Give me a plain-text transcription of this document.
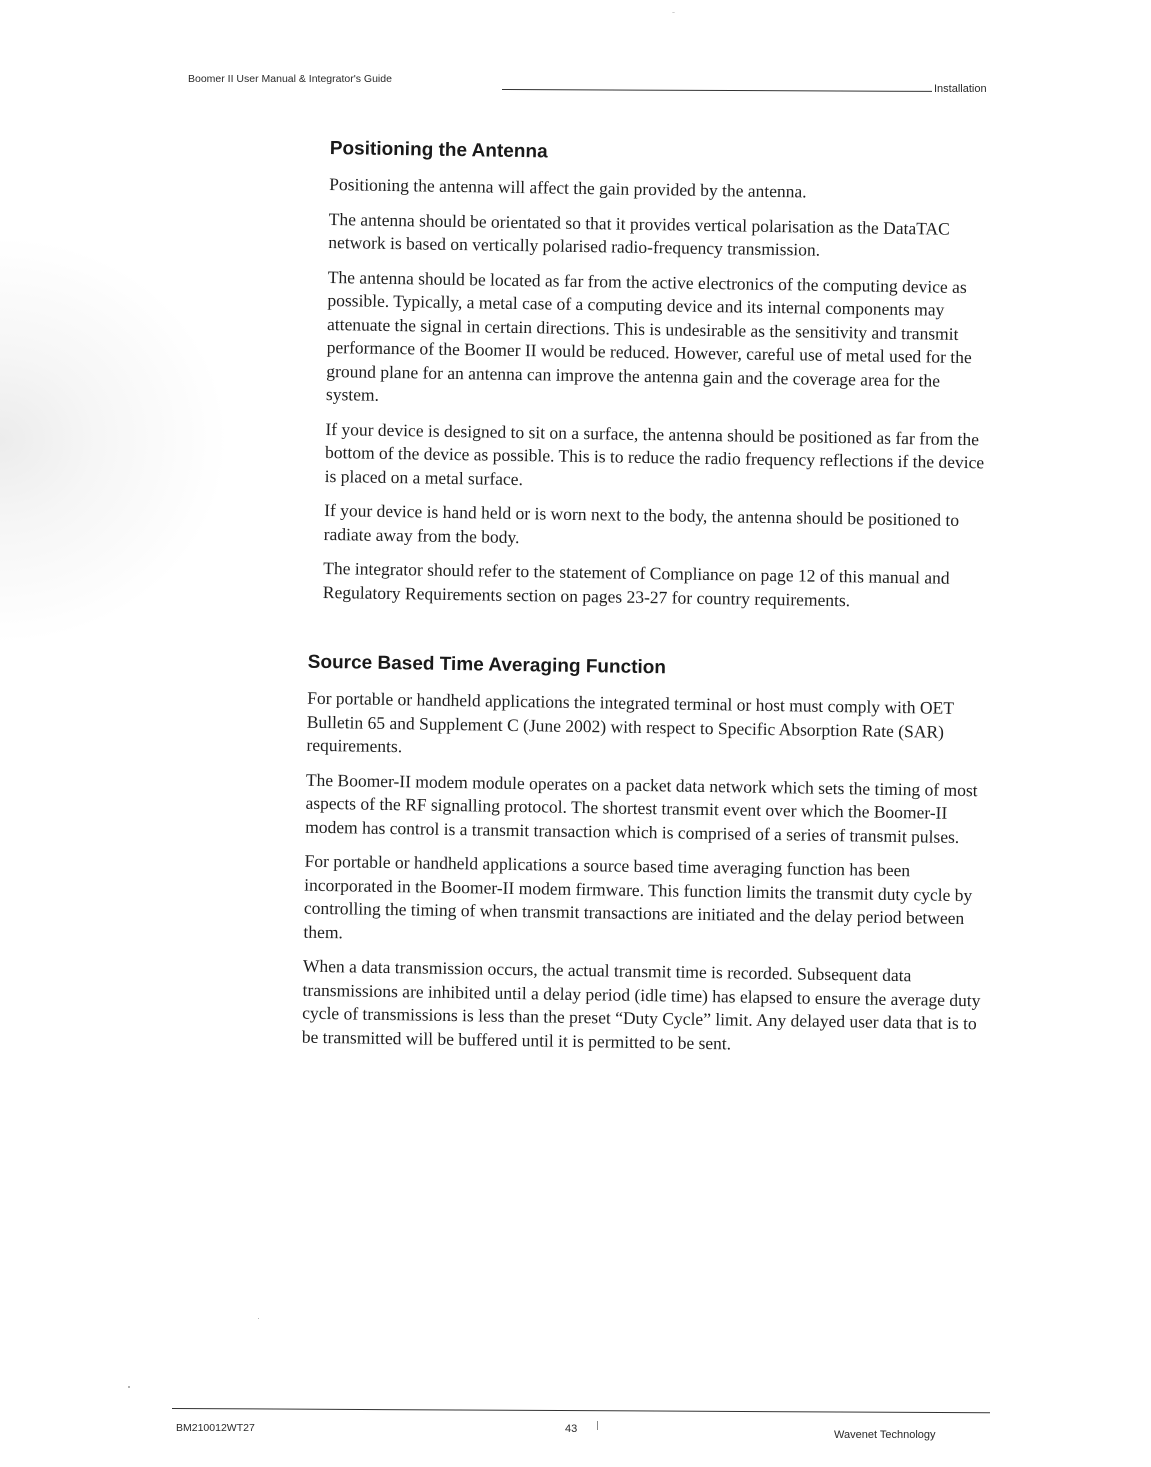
Boomer II User Manual & Integrator's Guide
Installation
Positioning the Antenna

Positioning the antenna will affect the gain provided by the antenna.

The antenna should be orientated so that it provides vertical polarisation as the DataTAC network is based on vertically polarised radio-frequency transmission.

The antenna should be located as far from the active electronics of the computing device as possible. Typically, a metal case of a computing device and its internal components may attenuate the signal in certain directions. This is undesirable as the sensitivity and transmit performance of the Boomer II would be reduced. However, careful use of metal used for the ground plane for an antenna can improve the antenna gain and the coverage area for the system.

If your device is designed to sit on a surface, the antenna should be positioned as far from the bottom of the device as possible. This is to reduce the radio frequency reflections if the device is placed on a metal surface.

If your device is hand held or is worn next to the body, the antenna should be positioned to radiate away from the body.

The integrator should refer to the statement of Compliance on page 12 of this manual and Regulatory Requirements section on pages 23-27 for country requirements.

Source Based Time Averaging Function

For portable or handheld applications the integrated terminal or host must comply with OET Bulletin 65 and Supplement C (June 2002) with respect to Specific Absorption Rate (SAR) requirements.

The Boomer-II modem module operates on a packet data network which sets the timing of most aspects of the RF signalling protocol. The shortest transmit event over which the Boomer-II modem has control is a transmit transaction which is comprised of a series of transmit pulses.

For portable or handheld applications a source based time averaging function has been incorporated in the Boomer-II modem firmware. This function limits the transmit duty cycle by controlling the timing of when transmit transactions are initiated and the delay period between them.

When a data transmission occurs, the actual transmit time is recorded. Subsequent data transmissions are inhibited until a delay period (idle time) has elapsed to ensure the average duty cycle of transmissions is less than the preset “Duty Cycle” limit. Any delayed user data that is to be transmitted will be buffered until it is permitted to be sent.

BM210012WT27	43	Wavenet Technology
